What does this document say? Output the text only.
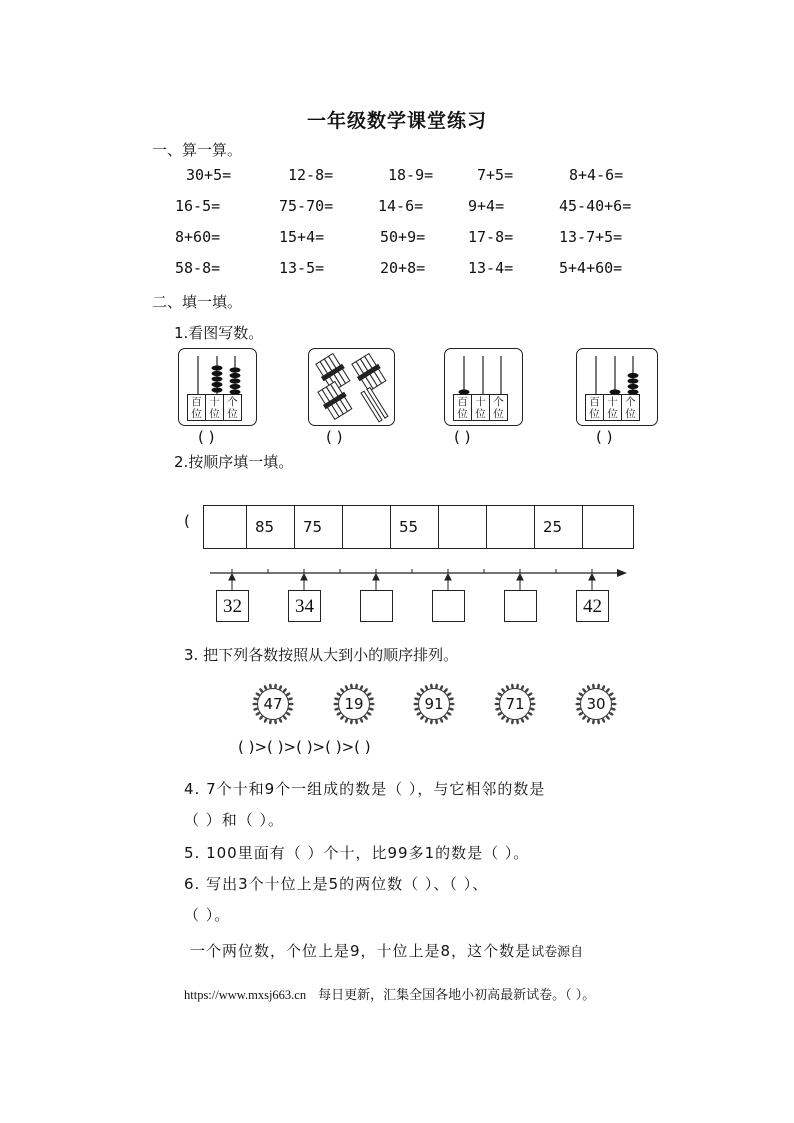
一年级数学课堂练习
一、算一算。
30+5=	12-8=	18-9=	7+5=	8+4-6=
16-5=	75-70=	14-6=	9+4=	45-40+6=
8+60=	15+4=	50+9=	17-8=	13-7+5=
58-8=	13-5=	20+8=	13-4=	5+4+60=
二、填一填。
1.看图写数。
百
位
十
位
个
位
百
位
十
位
个
位
百
位
十
位
个
位
( )	( )	( )	( )
2.按顺序填一填。
(	85	75	55	25
32	34	42
3. 把下列各数按照从大到小的顺序排列。
47	19	91	71	30
( )>( )>( )>( )>( )
4. 7个十和9个一组成的数是（ ），与它相邻的数是
（ ）和（ ）。
5. 100里面有（ ）个十，比99多1的数是（ ）。
6. 写出3个十位上是5的两位数（ ）、（ ）、
（ ）。
一个两位数，个位上是9，十位上是8，这个数是试卷源自
https://www.mxsj663.cn 每日更新，汇集全国各地小初高最新试卷。（ ）。
